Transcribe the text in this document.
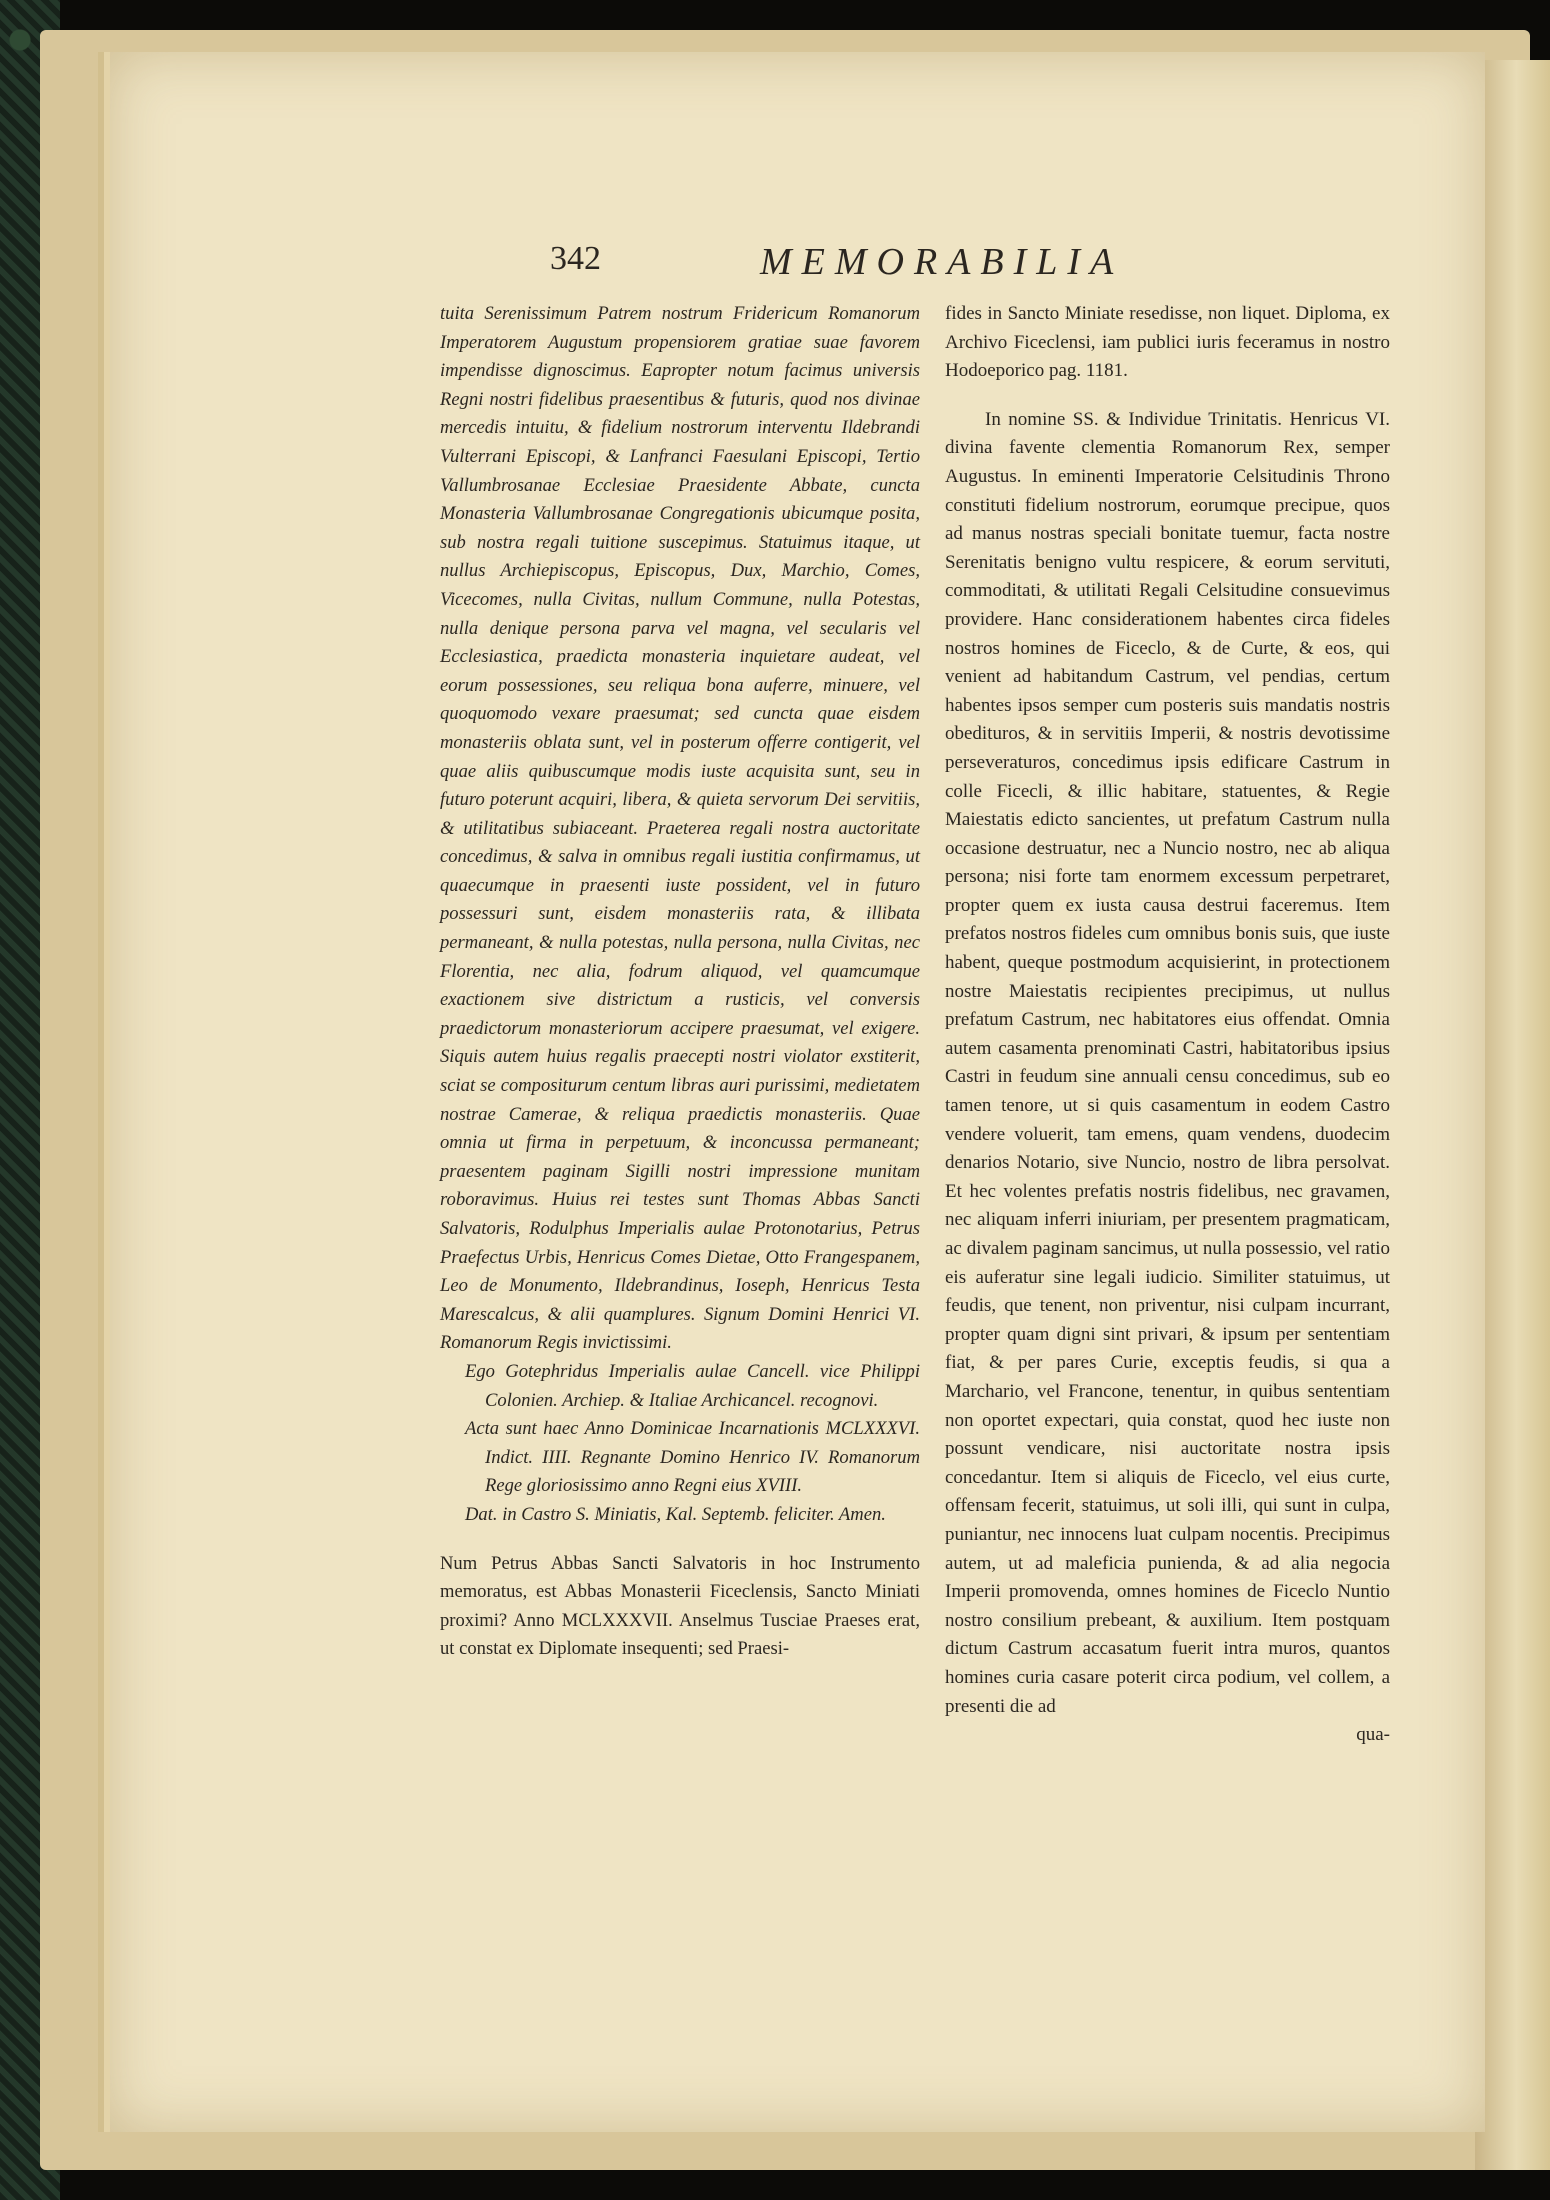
342	MEMORABILIA

tuita Serenissimum Patrem nostrum Fridericum Romanorum Imperatorem Augustum propensiorem gratiae suae favorem impendisse dignoscimus. Eapropter notum facimus universis Regni nostri fidelibus praesentibus & futuris, quod nos divinae mercedis intuitu, & fidelium nostrorum interventu Ildebrandi Vulterrani Episcopi, & Lanfranci Faesulani Episcopi, Tertio Vallumbrosanae Ecclesiae Praesidente Abbate, cuncta Monasteria Vallumbrosanae Congregationis ubicumque posita, sub nostra regali tuitione suscepimus. Statuimus itaque, ut nullus Archiepiscopus, Episcopus, Dux, Marchio, Comes, Vicecomes, nulla Civitas, nullum Commune, nulla Potestas, nulla denique persona parva vel magna, vel secularis vel Ecclesiastica, praedicta monasteria inquietare audeat, vel eorum possessiones, seu reliqua bona auferre, minuere, vel quoquomodo vexare praesumat; sed cuncta quae eisdem monasteriis oblata sunt, vel in posterum offerre contigerit, vel quae aliis quibuscumque modis iuste acquisita sunt, seu in futuro poterunt acquiri, libera, & quieta servorum Dei servitiis, & utilitatibus subiaceant. Praeterea regali nostra auctoritate concedimus, & salva in omnibus regali iustitia confirmamus, ut quaecumque in praesenti iuste possident, vel in futuro possessuri sunt, eisdem monasteriis rata, & illibata permaneant, & nulla potestas, nulla persona, nulla Civitas, nec Florentia, nec alia, fodrum aliquod, vel quamcumque exactionem sive districtum a rusticis, vel conversis praedictorum monasteriorum accipere praesumat, vel exigere. Siquis autem huius regalis praecepti nostri violator exstiterit, sciat se compositurum centum libras auri purissimi, medietatem nostrae Camerae, & reliqua praedictis monasteriis. Quae omnia ut firma in perpetuum, & inconcussa permaneant; praesentem paginam Sigilli nostri impressione munitam roboravimus. Huius rei testes sunt Thomas Abbas Sancti Salvatoris, Rodulphus Imperialis aulae Protonotarius, Petrus Praefectus Urbis, Henricus Comes Dietae, Otto Frangespanem, Leo de Monumento, Ildebrandinus, Ioseph, Henricus Testa Marescalcus, & alii quamplures. Signum Domini Henrici VI. Romanorum Regis invictissimi.

Ego Gotephridus Imperialis aulae Cancell. vice Philippi Colonien. Archiep. & Italiae Archicancel. recognovi.

Acta sunt haec Anno Dominicae Incarnationis MCLXXXVI. Indict. IIII. Regnante Domino Henrico IV. Romanorum Rege gloriosissimo anno Regni eius XVIII.

Dat. in Castro S. Miniatis, Kal. Septemb. feliciter. Amen.

Num Petrus Abbas Sancti Salvatoris in hoc Instrumento memoratus, est Abbas Monasterii Ficeclensis, Sancto Miniati proximi? Anno MCLXXXVII. Anselmus Tusciae Praeses erat, ut constat ex Diplomate insequenti; sed Praesi-

fides in Sancto Miniate resedisse, non liquet. Diploma, ex Archivo Ficeclensi, iam publici iuris feceramus in nostro Hodoeporico pag. 1181.

In nomine SS. & Individue Trinitatis. Henricus VI. divina favente clementia Romanorum Rex, semper Augustus. In eminenti Imperatorie Celsitudinis Throno constituti fidelium nostrorum, eorumque precipue, quos ad manus nostras speciali bonitate tuemur, facta nostre Serenitatis benigno vultu respicere, & eorum servituti, commoditati, & utilitati Regali Celsitudine consuevimus providere. Hanc considerationem habentes circa fideles nostros homines de Ficeclo, & de Curte, & eos, qui venient ad habitandum Castrum, vel pendias, certum habentes ipsos semper cum posteris suis mandatis nostris obedituros, & in servitiis Imperii, & nostris devotissime perseveraturos, concedimus ipsis edificare Castrum in colle Ficecli, & illic habitare, statuentes, & Regie Maiestatis edicto sancientes, ut prefatum Castrum nulla occasione destruatur, nec a Nuncio nostro, nec ab aliqua persona; nisi forte tam enormem excessum perpetraret, propter quem ex iusta causa destrui faceremus. Item prefatos nostros fideles cum omnibus bonis suis, que iuste habent, queque postmodum acquisierint, in protectionem nostre Maiestatis recipientes precipimus, ut nullus prefatum Castrum, nec habitatores eius offendat. Omnia autem casamenta prenominati Castri, habitatoribus ipsius Castri in feudum sine annuali censu concedimus, sub eo tamen tenore, ut si quis casamentum in eodem Castro vendere voluerit, tam emens, quam vendens, duodecim denarios Notario, sive Nuncio, nostro de libra persolvat. Et hec volentes prefatis nostris fidelibus, nec gravamen, nec aliquam inferri iniuriam, per presentem pragmaticam, ac divalem paginam sancimus, ut nulla possessio, vel ratio eis auferatur sine legali iudicio. Similiter statuimus, ut feudis, que tenent, non priventur, nisi culpam incurrant, propter quam digni sint privari, & ipsum per sententiam fiat, & per pares Curie, exceptis feudis, si qua a Marchario, vel Francone, tenentur, in quibus sententiam non oportet expectari, quia constat, quod hec iuste non possunt vendicare, nisi auctoritate nostra ipsis concedantur. Item si aliquis de Ficeclo, vel eius curte, offensam fecerit, statuimus, ut soli illi, qui sunt in culpa, puniantur, nec innocens luat culpam nocentis. Precipimus autem, ut ad maleficia punienda, & ad alia negocia Imperii promovenda, omnes homines de Ficeclo Nuntio nostro consilium prebeant, & auxilium. Item postquam dictum Castrum accasatum fuerit intra muros, quantos homines curia casare poterit circa podium, vel collem, a presenti die ad

qua-
